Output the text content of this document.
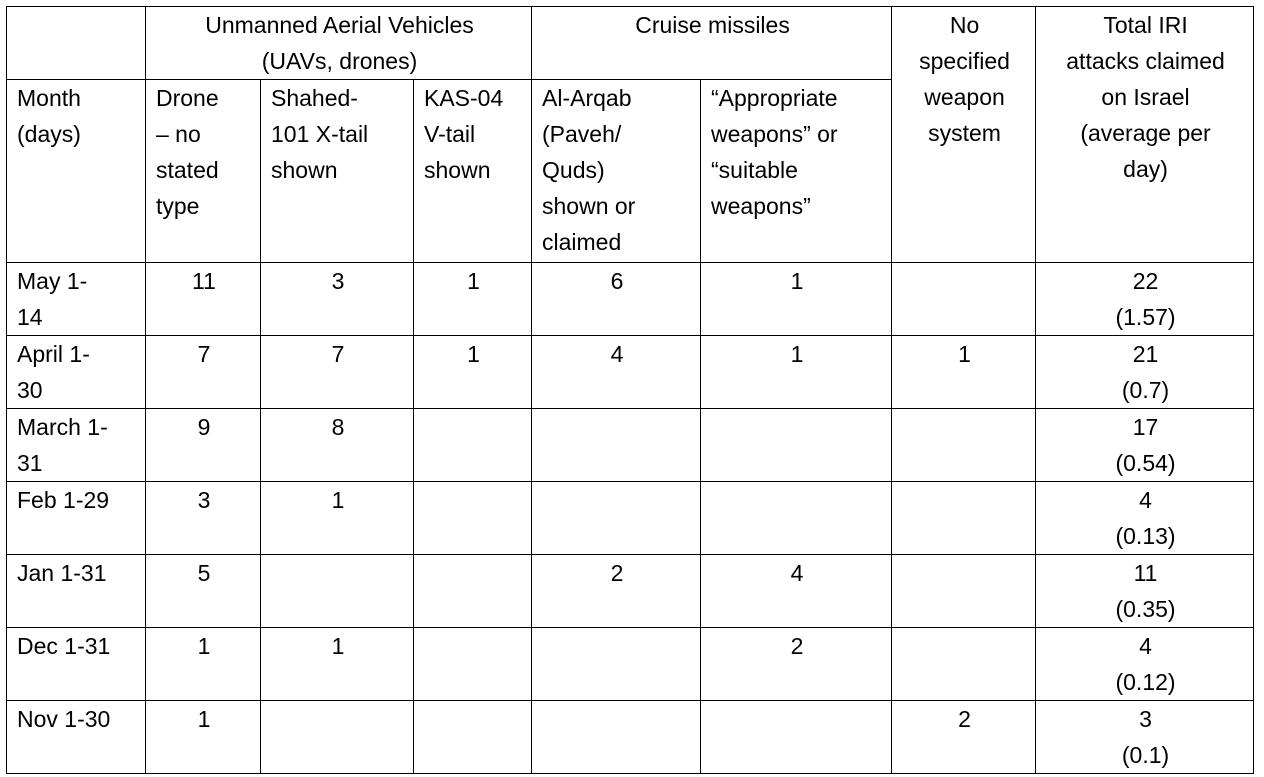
	Unmanned Aerial Vehicles
(UAVs, drones)			Cruise missiles		No
specified
weapon
system	Total IRI
attacks claimed
on Israel
(average per
day)
Month
(days)	Drone
– no
stated
type	Shahed-
101 X-tail
shown	KAS-04
V-tail
shown	Al-Arqab
(Paveh/
Quds)
shown or
claimed	“Appropriate
weapons” or
“suitable
weapons”		
May 1-
14	11	3	1	6	1		22
(1.57)
April 1-
30	7	7	1	4	1	1	21
(0.7)
March 1-
31	9	8					17
(0.54)
Feb 1-29	3	1					4
(0.13)
Jan 1-31	5			2	4		11
(0.35)
Dec 1-31	1	1			2		4
(0.12)
Nov 1-30	1					2	3
(0.1)
